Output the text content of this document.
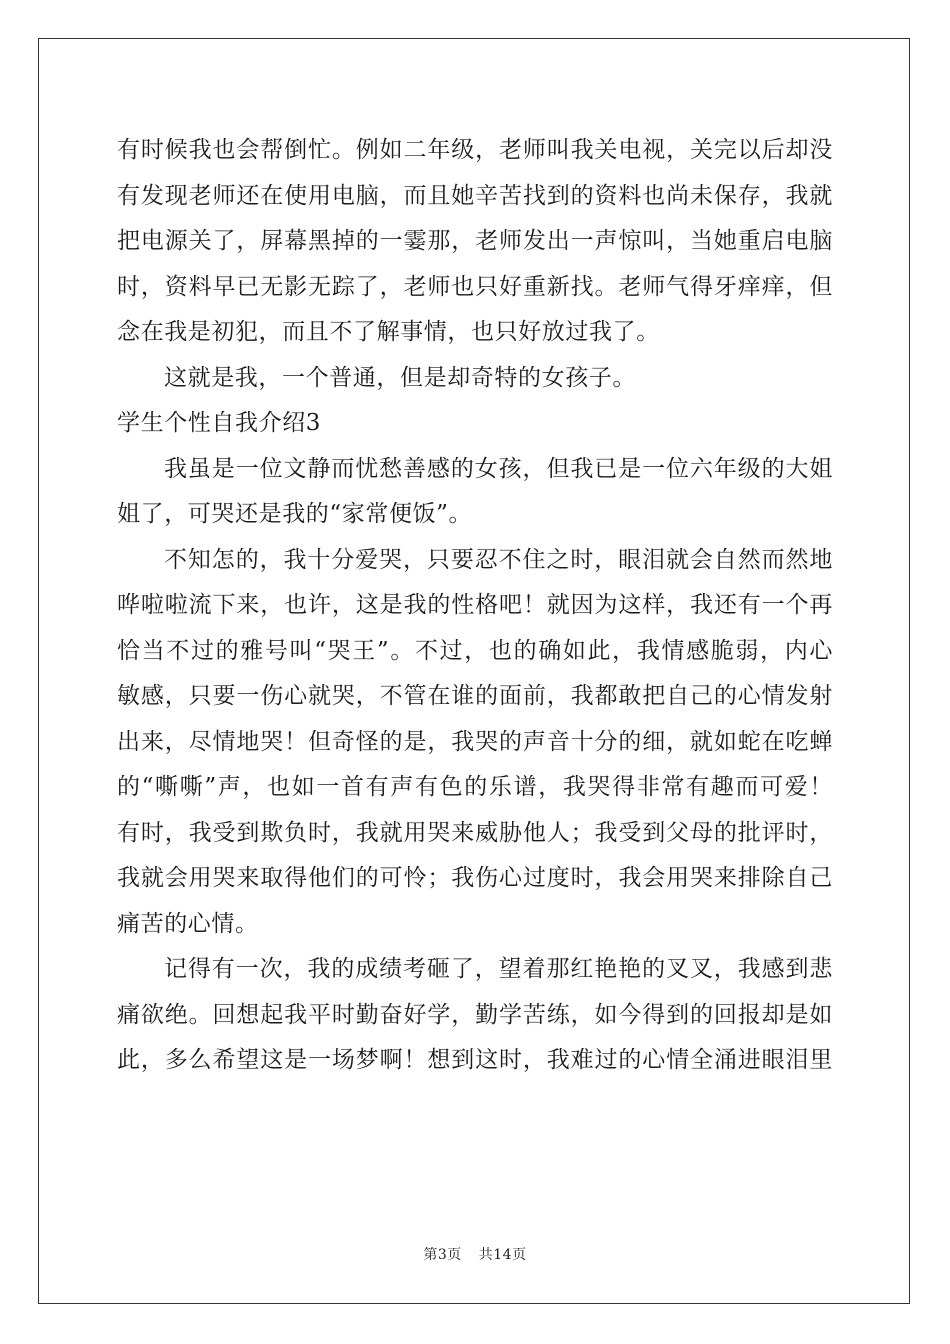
有时候我也会帮倒忙。例如二年级，老师叫我关电视，关完以后却没
有发现老师还在使用电脑，而且她辛苦找到的资料也尚未保存，我就
把电源关了，屏幕黑掉的一霎那，老师发出一声惊叫，当她重启电脑
时，资料早已无影无踪了，老师也只好重新找。老师气得牙痒痒，但
念在我是初犯，而且不了解事情，也只好放过我了。
这就是我，一个普通，但是却奇特的女孩子。
学生个性自我介绍3
我虽是一位文静而忧愁善感的女孩，但我已是一位六年级的大姐
姐了，可哭还是我的“家常便饭”。
不知怎的，我十分爱哭，只要忍不住之时，眼泪就会自然而然地
哗啦啦流下来，也许，这是我的性格吧！就因为这样，我还有一个再
恰当不过的雅号叫“哭王”。不过，也的确如此，我情感脆弱，内心
敏感，只要一伤心就哭，不管在谁的面前，我都敢把自己的心情发射
出来，尽情地哭！但奇怪的是，我哭的声音十分的细，就如蛇在吃蝉
的“嘶嘶”声，也如一首有声有色的乐谱，我哭得非常有趣而可爱！
有时，我受到欺负时，我就用哭来威胁他人；我受到父母的批评时，
我就会用哭来取得他们的可怜；我伤心过度时，我会用哭来排除自己
痛苦的心情。
记得有一次，我的成绩考砸了，望着那红艳艳的叉叉，我感到悲
痛欲绝。回想起我平时勤奋好学，勤学苦练，如今得到的回报却是如
此，多么希望这是一场梦啊！想到这时，我难过的心情全涌进眼泪里
第3页 共14页
